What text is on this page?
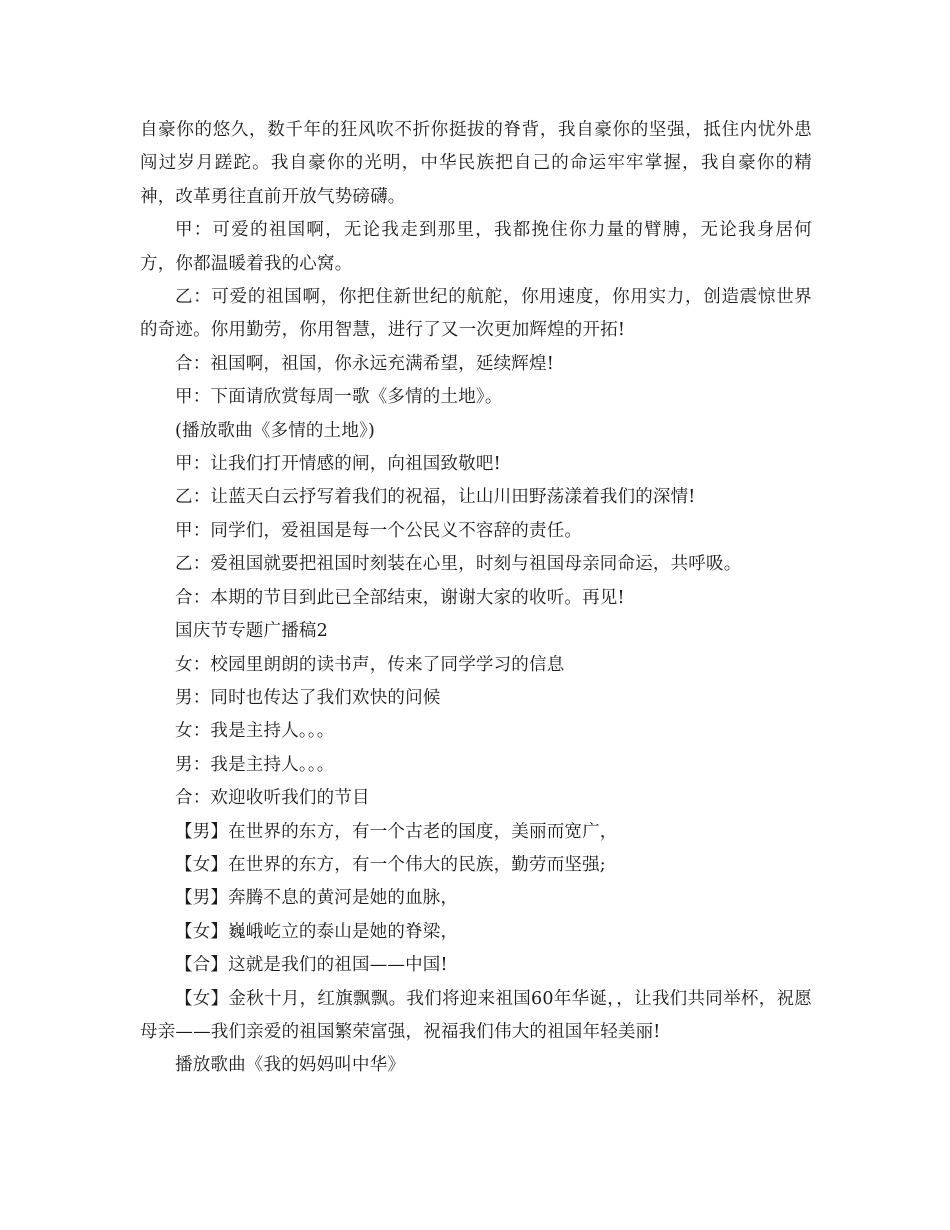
自豪你的悠久，数千年的狂风吹不折你挺拔的脊背，我自豪你的坚强，抵住内忧外患闯过岁月蹉跎。我自豪你的光明，中华民族把自己的命运牢牢掌握，我自豪你的精神，改革勇往直前开放气势磅礴。

甲：可爱的祖国啊，无论我走到那里，我都挽住你力量的臂膊，无论我身居何方，你都温暖着我的心窝。

乙：可爱的祖国啊，你把住新世纪的航舵，你用速度，你用实力，创造震惊世界的奇迹。你用勤劳，你用智慧，进行了又一次更加辉煌的开拓!

合：祖国啊，祖国，你永远充满希望，延续辉煌!

甲：下面请欣赏每周一歌《多情的土地》。

(播放歌曲《多情的土地》)

甲：让我们打开情感的闸，向祖国致敬吧!

乙：让蓝天白云抒写着我们的祝福，让山川田野荡漾着我们的深情!

甲：同学们，爱祖国是每一个公民义不容辞的责任。

乙：爱祖国就要把祖国时刻装在心里，时刻与祖国母亲同命运，共呼吸。

合：本期的节目到此已全部结束，谢谢大家的收听。再见!

国庆节专题广播稿2

女：校园里朗朗的读书声，传来了同学学习的信息

男：同时也传达了我们欢快的问候

女：我是主持人。。。

男：我是主持人。。。

合：欢迎收听我们的节目

【男】在世界的东方，有一个古老的国度，美丽而宽广，

【女】在世界的东方，有一个伟大的民族，勤劳而坚强;

【男】奔腾不息的黄河是她的血脉，

【女】巍峨屹立的泰山是她的脊梁，

【合】这就是我们的祖国——中国!

【女】金秋十月，红旗飘飘。我们将迎来祖国60年华诞，，让我们共同举杯，祝愿母亲——我们亲爱的祖国繁荣富强，祝福我们伟大的祖国年轻美丽!

播放歌曲《我的妈妈叫中华》
